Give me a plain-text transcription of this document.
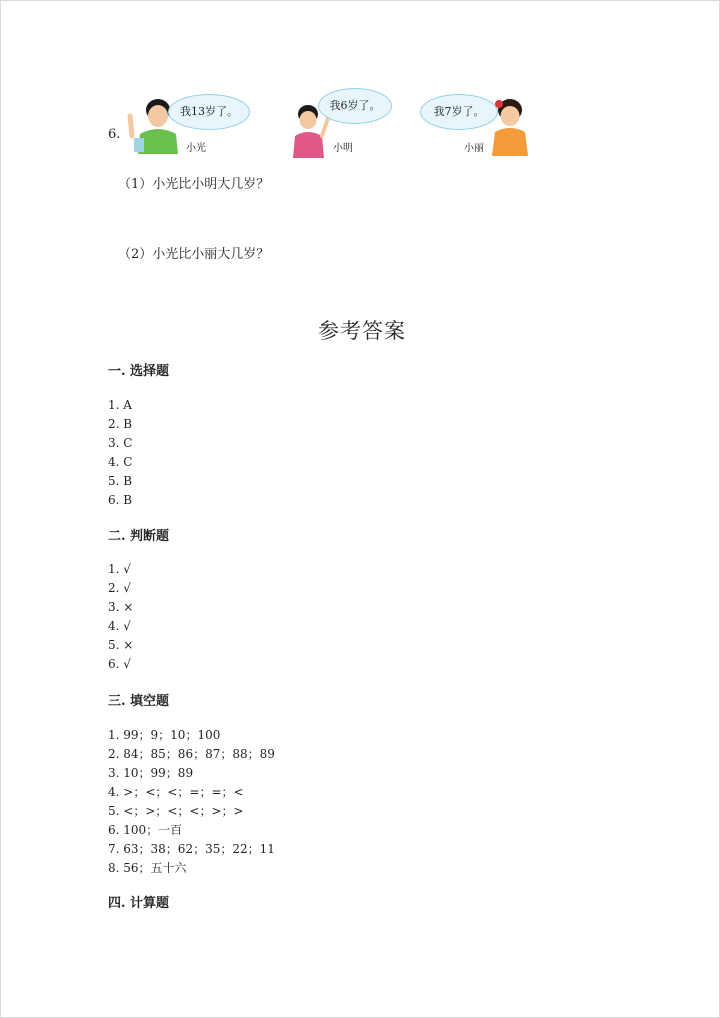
6.
我13岁了。
小光
我6岁了。
小明
我7岁了。
小丽
（1）小光比小明大几岁？
（2）小光比小丽大几岁？
参考答案
一. 选择题
1. A
2. B
3. C
4. C
5. B
6. B
二. 判断题
1. √
2. √
3. ×
4. √
5. ×
6. √
三. 填空题
1. 99；9；10；100
2. 84；85；86；87；88；89
3. 10；99；89
4. >；<；<；=；=；<
5. <；>；<；<；>；>
6. 100；一百
7. 63；38；62；35；22；11
8. 56；五十六
四. 计算题
